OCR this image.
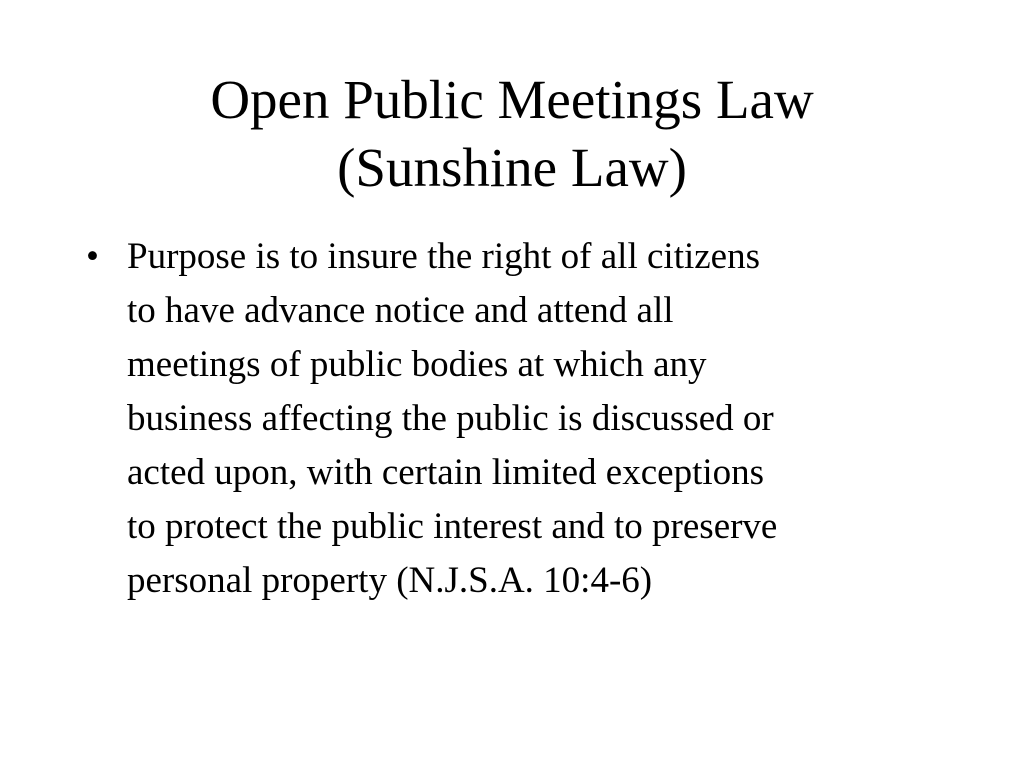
Open Public Meetings Law
(Sunshine Law)
• Purpose is to insure the right of all citizens
to have advance notice and attend all
meetings of public bodies at which any
business affecting the public is discussed or
acted upon, with certain limited exceptions
to protect the public interest and to preserve
personal property (N.J.S.A. 10:4-6)
